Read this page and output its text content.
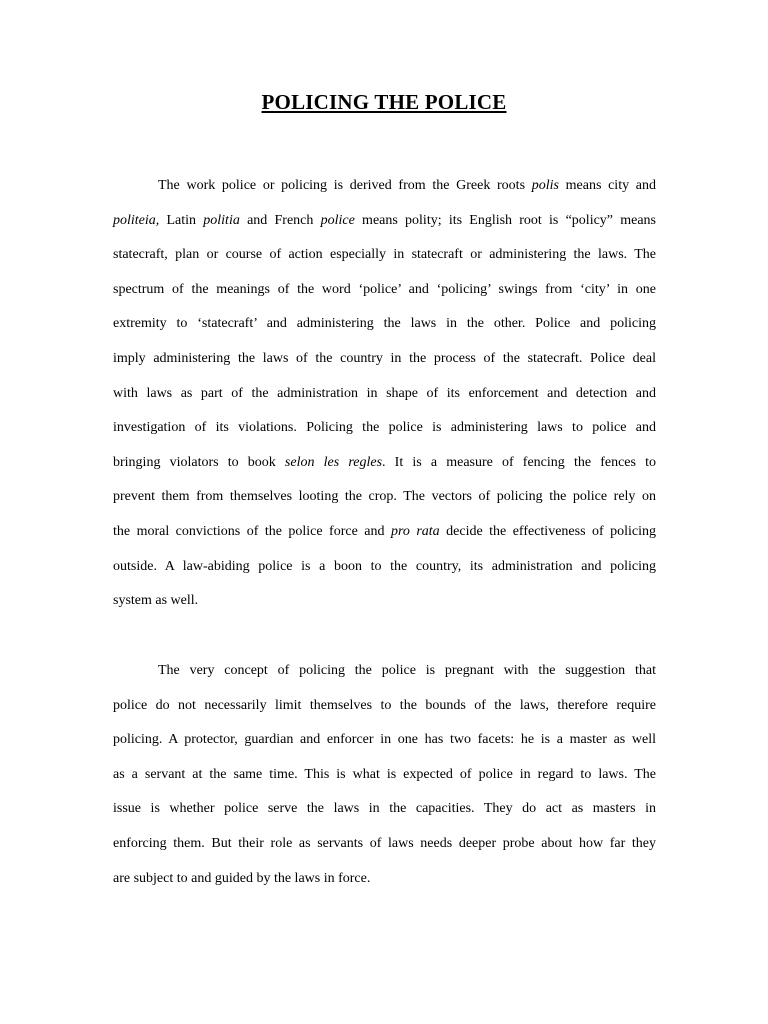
POLICING THE POLICE
The work police or policing is derived from the Greek roots polis means city and
politeia, Latin politia and French police means polity; its English root is “policy” means
statecraft, plan or course of action especially in statecraft or administering the laws. The
spectrum of the meanings of the word ‘police’ and ‘policing’ swings from ‘city’ in one
extremity to ‘statecraft’ and administering the laws in the other. Police and policing
imply administering the laws of the country in the process of the statecraft. Police deal
with laws as part of the administration in shape of its enforcement and detection and
investigation of its violations. Policing the police is administering laws to police and
bringing violators to book selon les regles. It is a measure of fencing the fences to
prevent them from themselves looting the crop. The vectors of policing the police rely on
the moral convictions of the police force and pro rata decide the effectiveness of policing
outside. A law-abiding police is a boon to the country, its administration and policing
system as well.
The very concept of policing the police is pregnant with the suggestion that
police do not necessarily limit themselves to the bounds of the laws, therefore require
policing. A protector, guardian and enforcer in one has two facets: he is a master as well
as a servant at the same time. This is what is expected of police in regard to laws. The
issue is whether police serve the laws in the capacities. They do act as masters in
enforcing them. But their role as servants of laws needs deeper probe about how far they
are subject to and guided by the laws in force.
